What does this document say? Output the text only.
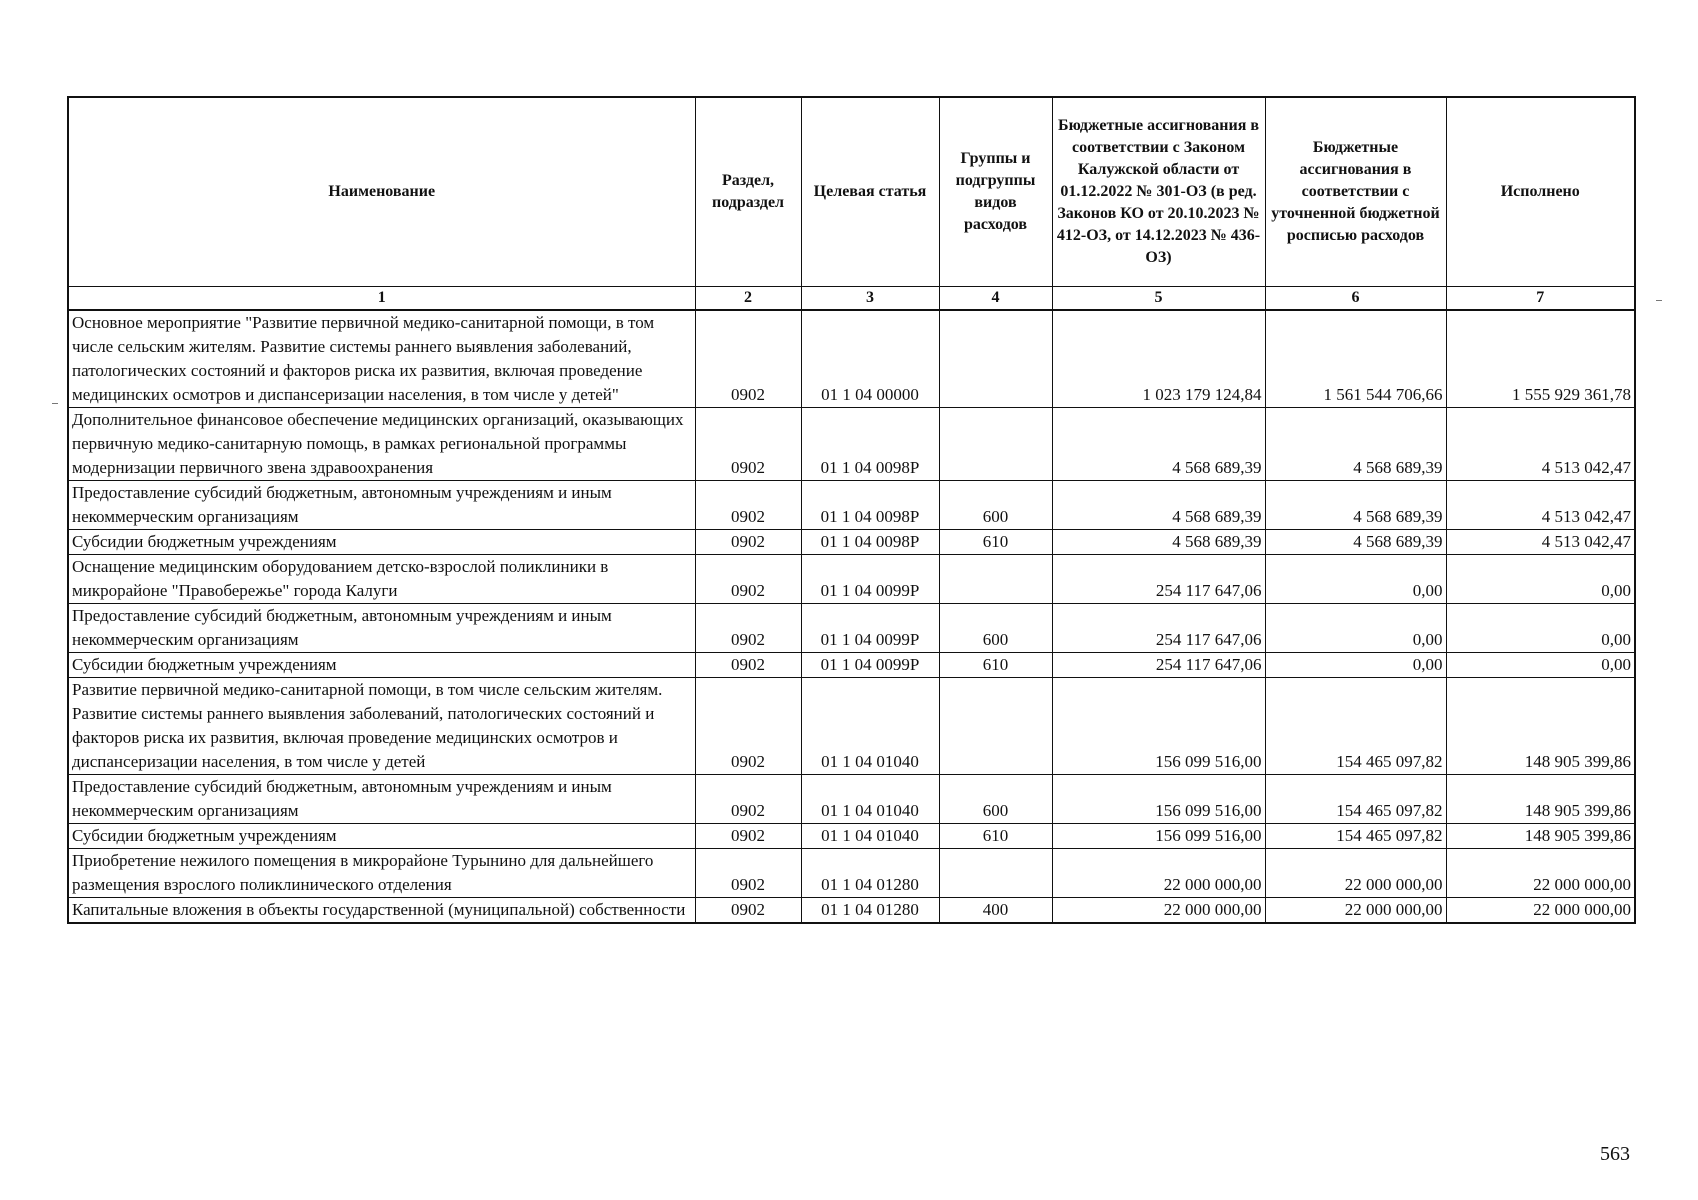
Наименование	Раздел, подраздел	Целевая статья	Группы и подгруппы видов расходов	Бюджетные ассигнования в соответствии с Законом Калужской области от 01.12.2022 № 301-ОЗ (в ред. Законов КО от 20.10.2023 № 412-ОЗ, от 14.12.2023 № 436-ОЗ)	Бюджетные ассигнования в соответствии с уточненной бюджетной росписью расходов	Исполнено
1	2	3	4	5	6	7
Основное мероприятие "Развитие первичной медико-санитарной помощи, в том числе сельским жителям. Развитие системы раннего выявления заболеваний, патологических состояний и факторов риска их развития, включая проведение медицинских осмотров и диспансеризации населения, в том числе у детей"	0902	01 1 04 00000		1 023 179 124,84	1 561 544 706,66	1 555 929 361,78
Дополнительное финансовое обеспечение медицинских организаций, оказывающих первичную медико-санитарную помощь, в рамках региональной программы модернизации первичного звена здравоохранения	0902	01 1 04 0098Р		4 568 689,39	4 568 689,39	4 513 042,47
Предоставление субсидий бюджетным, автономным учреждениям и иным некоммерческим организациям	0902	01 1 04 0098Р	600	4 568 689,39	4 568 689,39	4 513 042,47
Субсидии бюджетным учреждениям	0902	01 1 04 0098Р	610	4 568 689,39	4 568 689,39	4 513 042,47
Оснащение медицинским оборудованием детско-взрослой поликлиники в микрорайоне "Правобережье" города Калуги	0902	01 1 04 0099Р		254 117 647,06	0,00	0,00
Предоставление субсидий бюджетным, автономным учреждениям и иным некоммерческим организациям	0902	01 1 04 0099Р	600	254 117 647,06	0,00	0,00
Субсидии бюджетным учреждениям	0902	01 1 04 0099Р	610	254 117 647,06	0,00	0,00
Развитие первичной медико-санитарной помощи, в том числе сельским жителям. Развитие системы раннего выявления заболеваний, патологических состояний и факторов риска их развития, включая проведение медицинских осмотров и диспансеризации населения, в том числе у детей	0902	01 1 04 01040		156 099 516,00	154 465 097,82	148 905 399,86
Предоставление субсидий бюджетным, автономным учреждениям и иным некоммерческим организациям	0902	01 1 04 01040	600	156 099 516,00	154 465 097,82	148 905 399,86
Субсидии бюджетным учреждениям	0902	01 1 04 01040	610	156 099 516,00	154 465 097,82	148 905 399,86
Приобретение нежилого помещения в микрорайоне Турынино для дальнейшего размещения взрослого поликлинического отделения	0902	01 1 04 01280		22 000 000,00	22 000 000,00	22 000 000,00
Капитальные вложения в объекты государственной (муниципальной) собственности	0902	01 1 04 01280	400	22 000 000,00	22 000 000,00	22 000 000,00
563
